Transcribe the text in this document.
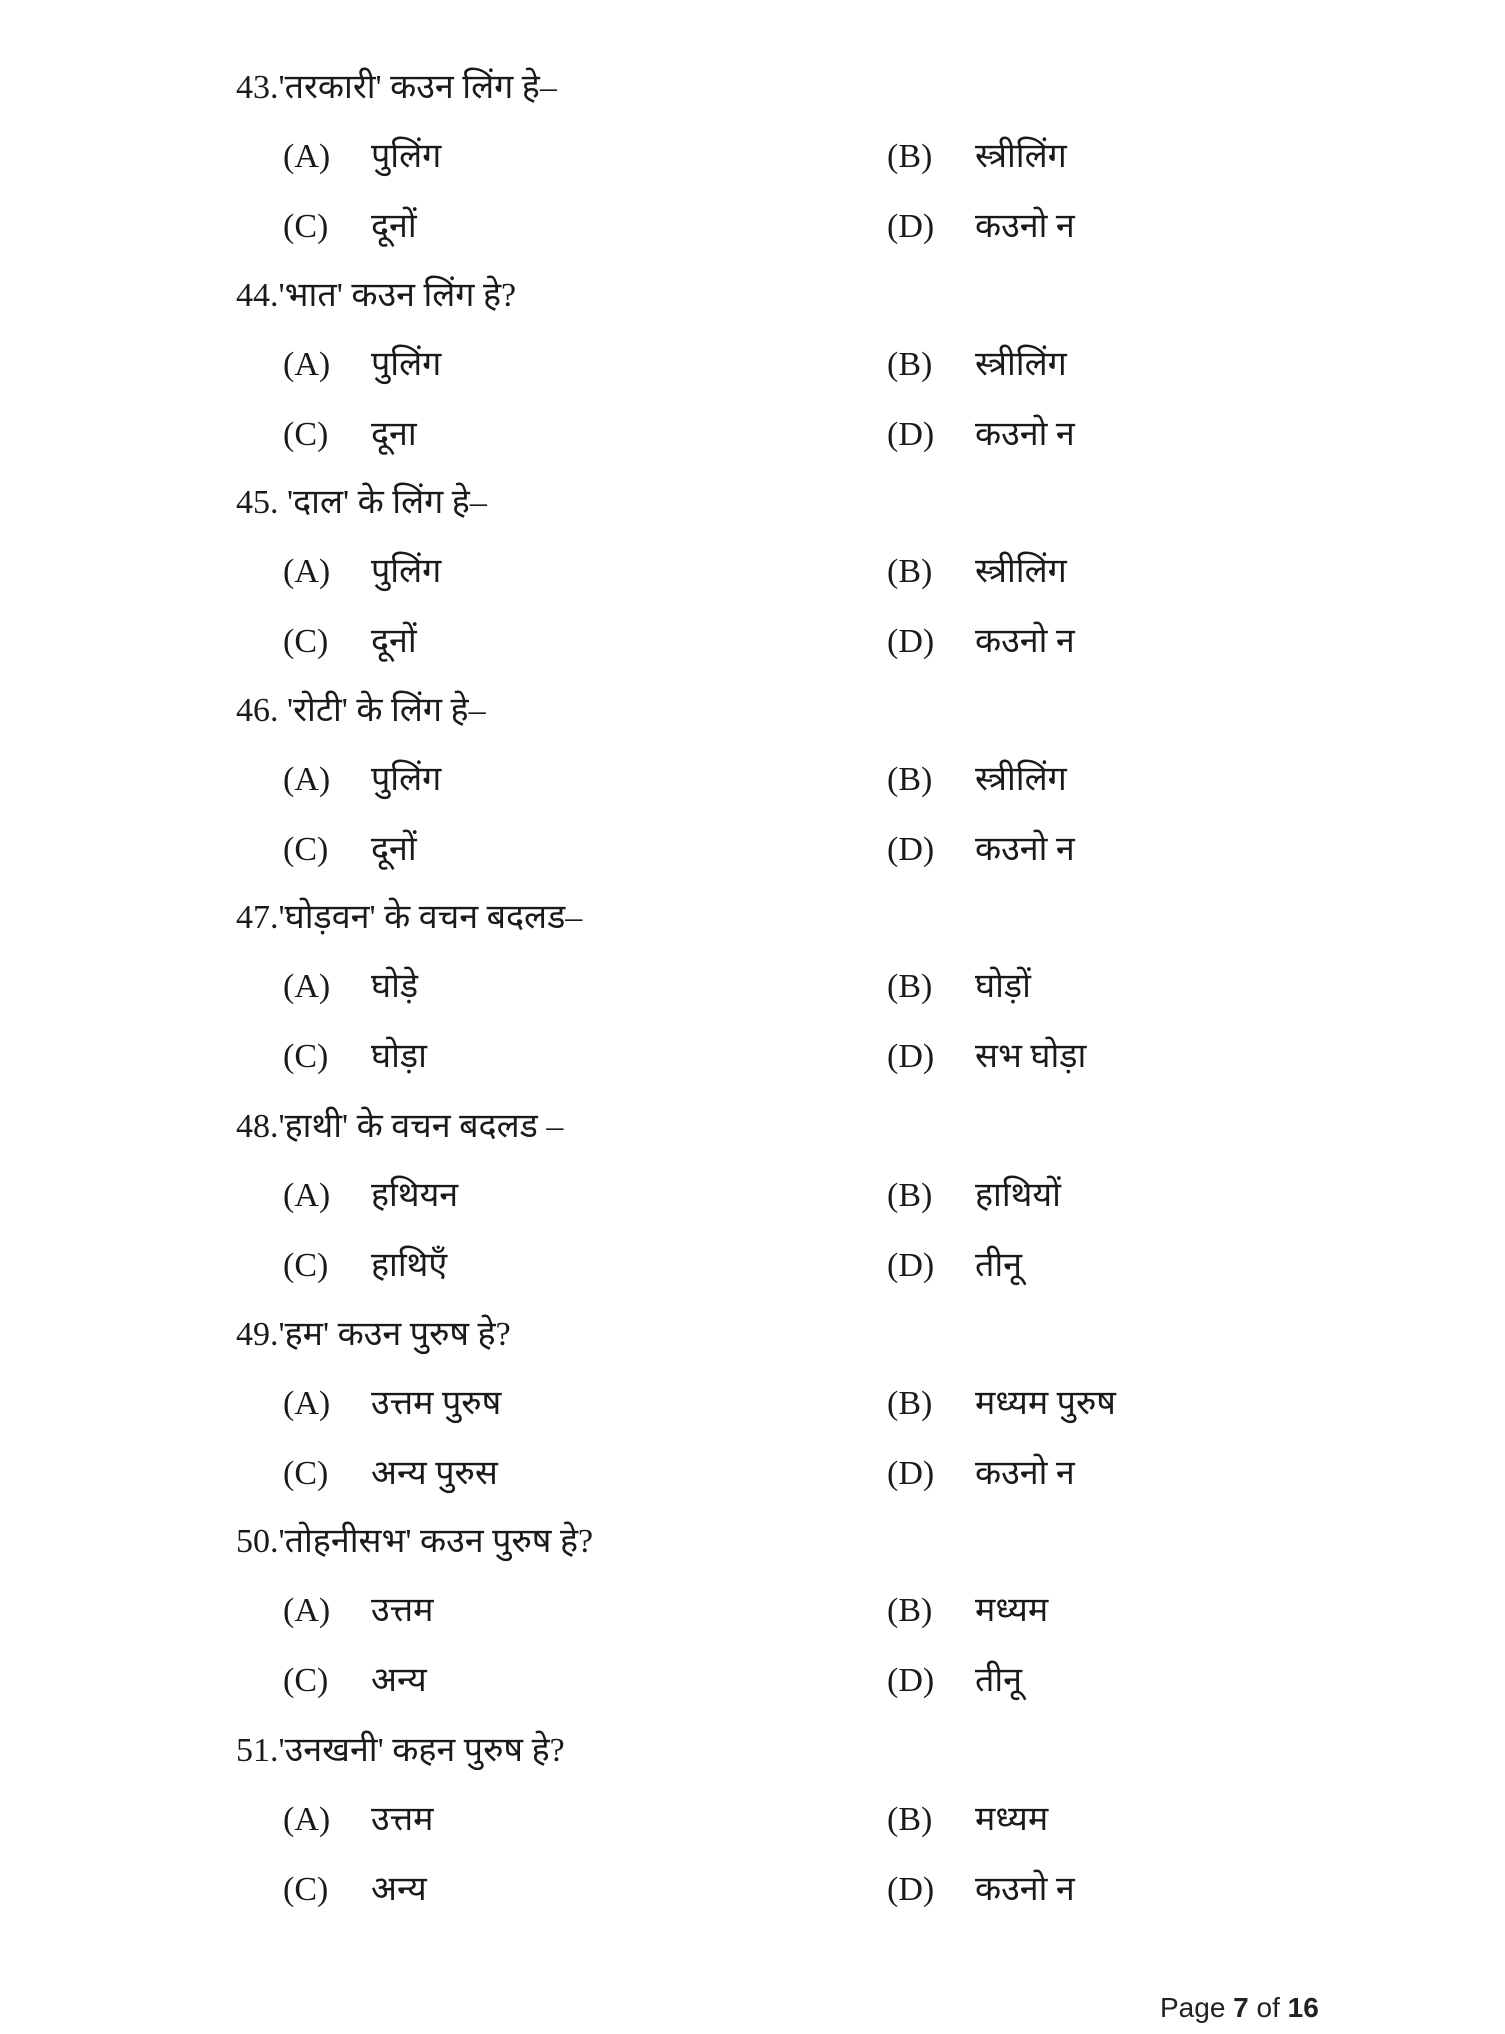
43.'तरकारी' कउन लिंग हे–
(A) पुलिंग	(B) स्त्रीलिंग
(C) दूनों	(D) कउनो न
44.'भात' कउन लिंग हे?
(A) पुलिंग	(B) स्त्रीलिंग
(C) दूना	(D) कउनो न
45. 'दाल' के लिंग हे–
(A) पुलिंग	(B) स्त्रीलिंग
(C) दूनों	(D) कउनो न
46. 'रोटी' के लिंग हे–
(A) पुलिंग	(B) स्त्रीलिंग
(C) दूनों	(D) कउनो न
47.'घोड़वन' के वचन बदलड–
(A) घोड़े	(B) घोड़ों
(C) घोड़ा	(D) सभ घोड़ा
48.'हाथी' के वचन बदलड –
(A) हथियन	(B) हाथियों
(C) हाथिएँ	(D) तीनू
49.'हम' कउन पुरुष हे?
(A) उत्तम पुरुष	(B) मध्यम पुरुष
(C) अन्य पुरुस	(D) कउनो न
50.'तोहनीसभ' कउन पुरुष हे?
(A) उत्तम	(B) मध्यम
(C) अन्य	(D) तीनू
51.'उनखनी' कहन पुरुष हे?
(A) उत्तम	(B) मध्यम
(C) अन्य	(D) कउनो न
Page 7 of 16
